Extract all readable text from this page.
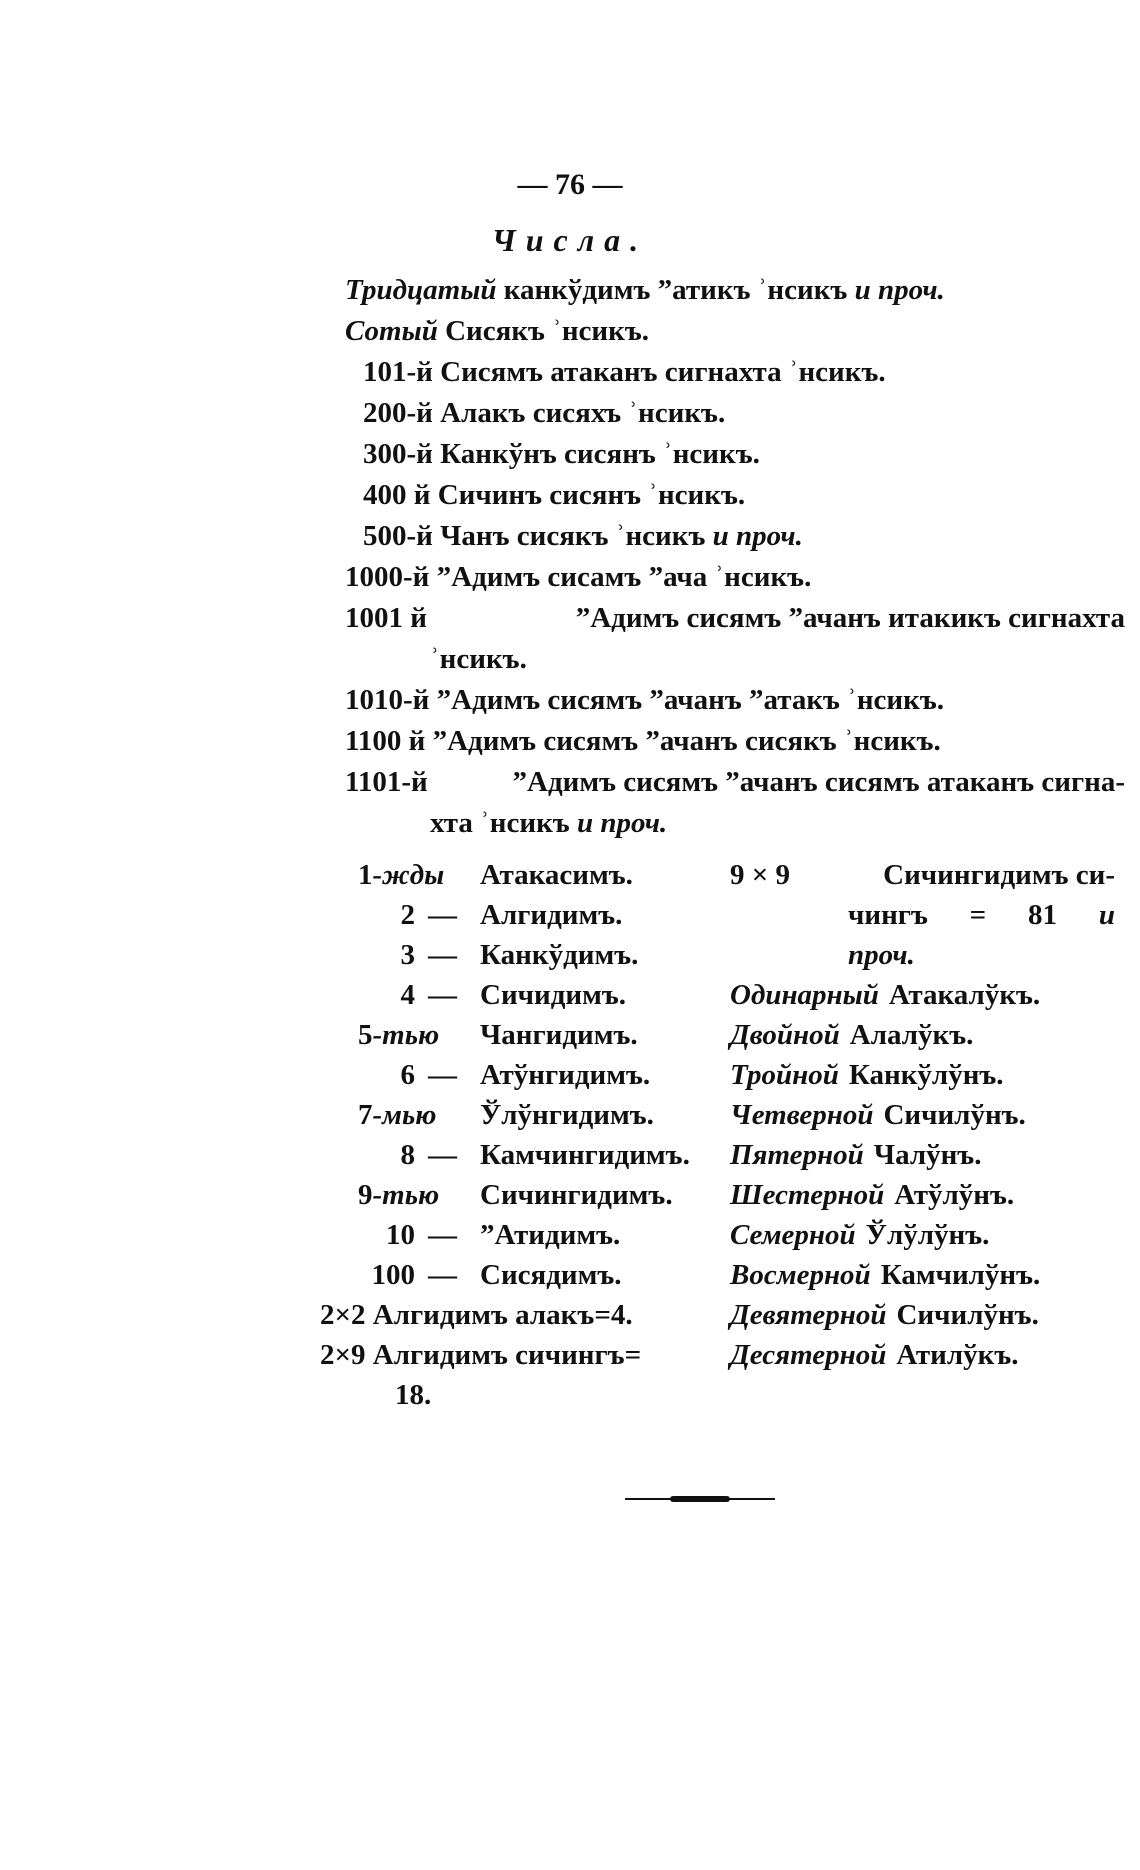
— 76 —
Числа.
Тридцатый канкўдимъ ˮатикъ ʾнсикъ и проч.
Сотый Сисякъ ʾнсикъ.
101-й Сисямъ атаканъ сигнахта ʾнсикъ.
200-й Алакъ сисяхъ ʾнсикъ.
300-й Канкўнъ сисянъ ʾнсикъ.
400 й Сичинъ сисянъ ʾнсикъ.
500-й Чанъ сисякъ ʾнсикъ и проч.
1000-й ˮАдимъ сисамъ ˮача ʾнсикъ.
1001 й	ˮАдимъ сисямъ ˮачанъ итакикъ сигнахта
ʾнсикъ.
1010-й ˮАдимъ сисямъ ˮачанъ ˮатакъ ʾнсикъ.
1100 й ˮАдимъ сисямъ ˮачанъ сисякъ ʾнсикъ.
1101-й	ˮАдимъ сисямъ ˮачанъ сисямъ атаканъ сигна-
хта ʾнсикъ и проч.
1-жды Атакасимъ.
2 — Алгидимъ.
3 — Канкўдимъ.
4 — Сичидимъ.
5-тью Чангидимъ.
6 — Атўнгидимъ.
7-мью Ўлўнгидимъ.
8 — Камчингидимъ.
9-тью Сичингидимъ.
10 — ˮАтидимъ.
100 — Сисядимъ.
2×2 Алгидимъ алакъ=4.
2×9 Алгидимъ сичингъ=
18.
9 × 9	Сичингидимъ си-
чингъ = 81 и
проч.
Одинарный Атакалўкъ.
Двойной Алалўкъ.
Тройной Канкўлўнъ.
Четверной Сичилўнъ.
Пятерной Чалўнъ.
Шестерной Атўлўнъ.
Семерной Ўлўлўнъ.
Восмерной Камчилўнъ.
Девятерной Сичилўнъ.
Десятерной Атилўкъ.
